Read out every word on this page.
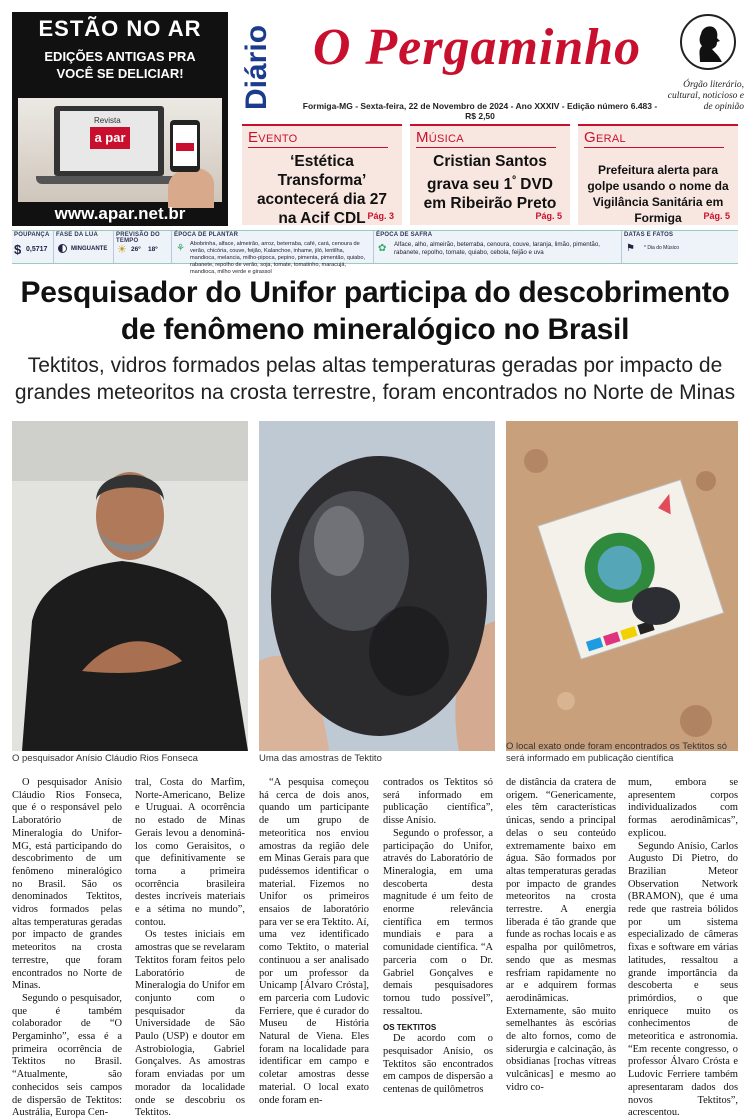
ESTÃO NO AR
EDIÇÕES ANTIGAS PRA
VOCÊ SE DELICIAR!
Revista
a par
www.apar.net.br
Diário O Pergaminho
Órgão literário, cultural, noticioso e de opinião
Formiga-MG - Sexta-feira, 22 de Novembro de 2024 - Ano XXXIV - Edição número 6.483 - R$ 2,50
Evento
‘Estética Transforma’ acontecerá dia 27 na Acif CDL Pág. 3
Música
Cristian Santos grava seu $1^º$ DVD em Ribeirão Preto
Pág. 5
Geral
Prefeitura alerta para golpe usando o nome da Vigilância Sanitária em Formiga	Pág. 5
POUPANÇA
$ 0,5717
FASE DA LUA
MINGUANTE
PREVISÃO DO TEMPO
☀ 26º 18º
ÉPOCA DE PLANTAR
⚘ Abobrinha, alface, almeirão, arroz, beterraba, café, cará, cenoura de verão, chicória, couve, feijão, Kalanchoe, inhame, jiló, lentilha, mandioca, melancia, milho-pipoca, pepino, pimenta, pimentão, quiabo, rabanete, repolho de verão, soja, tomate, tomatinho, maracujá, mandioca, milho verde e girassol
ÉPOCA DE SAFRA
✿ Alface, alho, almeirão, beterraba, cenoura, couve, laranja, limão, pimentão, rabanete, repolho, tomate, quiabo, cebola, feijão e uva
DATAS E FATOS
⚑ * Dia do Músico
Pesquisador do Unifor participa do descobrimento
de fenômeno mineralógico no Brasil
Tektitos, vidros formados pelas altas temperaturas geradas por impacto de
grandes meteoritos na crosta terrestre, foram encontrados no Norte de Minas
O pesquisador Anísio Cláudio Rios Fonseca	Uma das amostras de Tektito
O local exato onde foram encontrados os Tektitos só será informado em publicação científica

O pesquisador Anísio Cláudio Rios Fonseca, que é o responsável pelo Laboratório de Mineralogia do Unifor-MG, está participando do descobrimento de um fenômeno mineralógico no Brasil. São os denominados Tektitos, vidros formados pelas altas temperaturas geradas por impacto de grandes meteoritos na crosta terrestre, que foram encontrados no Norte de Minas.

Segundo o pesquisador, que é também colaborador de “O Pergaminho”, essa é a primeira ocorrência de Tektitos no Brasil. “Atualmente, são conhecidos seis campos de dispersão de Tektitos: Austrália, Europa Cen-

tral, Costa do Marfim, Norte-Americano, Belize e Uruguai. A ocorrência no estado de Minas Gerais levou a denominá-los como Geraisitos, o que definitivamente se torna a primeira ocorrência brasileira destes incríveis materiais e a sétima no mundo”, contou.

Os testes iniciais em amostras que se revelaram Tektitos foram feitos pelo Laboratório de Mineralogia do Unifor em conjunto com o pesquisador da Universidade de São Paulo (USP) e doutor em Astrobiologia, Gabriel Gonçalves. As amostras foram enviadas por um morador da localidade onde se descobriu os Tektitos.

“A pesquisa começou há cerca de dois anos, quando um participante de um grupo de meteoritica nos enviou amostras da região dele em Minas Gerais para que pudéssemos identificar o material. Fizemos no Unifor os primeiros ensaios de laboratório para ver se era Tektito. Aí, uma vez identificado como Tektito, o material continuou a ser analisado por um professor da Unicamp [Álvaro Crósta], em parceria com Ludovic Ferriere, que é curador do Museu de História Natural de Viena. Eles foram na localidade para identificar em campo e coletar amostras desse material. O local exato onde foram en-

contrados os Tektitos só será informado em publicação científica”, disse Anísio.

Segundo o professor, a participação do Unifor, através do Laboratório de Mineralogia, em uma descoberta desta magnitude é um feito de enorme relevância científica em termos mundiais e para a comunidade científica. “A parceria com o Dr. Gabriel Gonçalves e demais pesquisadores tornou tudo possível”, ressaltou.

OS TEKTITOS

De acordo com o pesquisador Anísio, os Tektitos são encontrados em campos de dispersão a centenas de quilômetros

de distância da cratera de origem. “Genericamente, eles têm características únicas, sendo a principal delas o seu conteúdo extremamente baixo em água. São formados por altas temperaturas geradas por impacto de grandes meteoritos na crosta terrestre. A energia liberada é tão grande que funde as rochas locais e as espalha por quilômetros, sendo que as mesmas resfriam rapidamente no ar e adquirem formas aerodinâmicas. Externamente, são muito semelhantes às escórias de alto fornos, como de siderurgia e calcinação, às obsidianas [rochas vítreas vulcânicas] e mesmo ao vidro co-

mum, embora se apresentem corpos individualizados com formas aerodinâmicas”, explicou.

Segundo Anísio, Carlos Augusto Di Pietro, do Brazilian Meteor Observation Network (BRAMON), que é uma rede que rastreia bólidos por um sistema especializado de câmeras fixas e software em várias latitudes, ressaltou a grande importância da descoberta e seus primórdios, o que enriquece muito os conhecimentos de meteoritica e astronomia. “Em recente congresso, o professor Álvaro Crósta e Ludovic Ferriere também apresentaram dados dos novos Tektitos”, acrescentou.
